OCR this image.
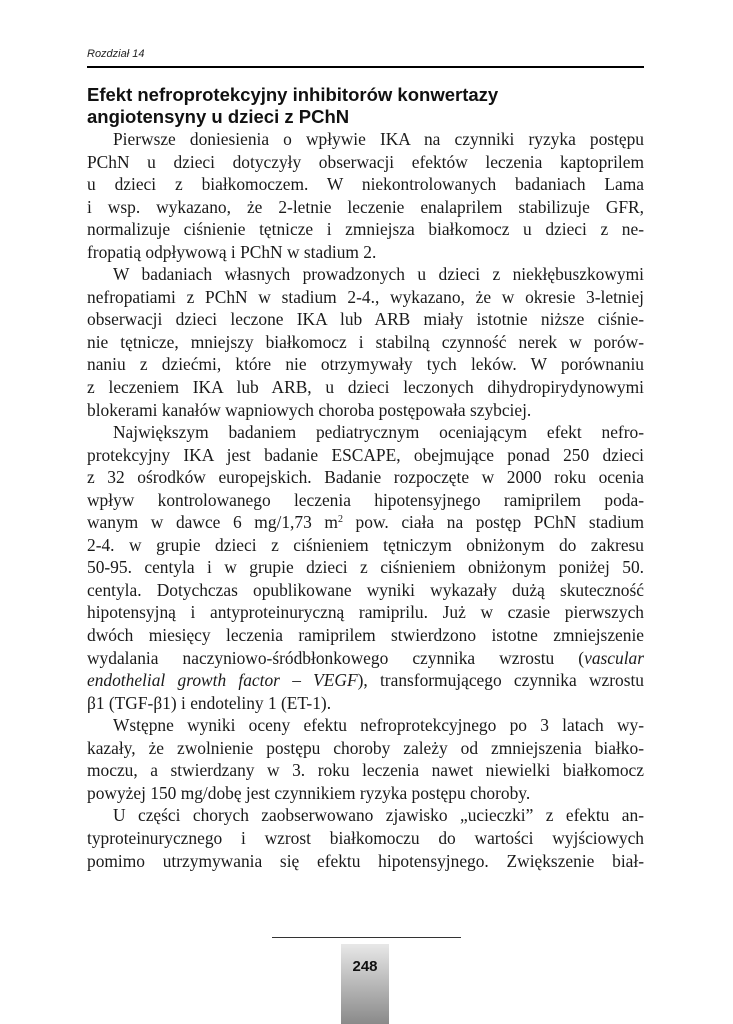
Rozdział 14
Efekt nefroprotekcyjny inhibitorów konwertazy
angiotensyny u dzieci z PChN

Pierwsze doniesienia o wpływie IKA na czynniki ryzyka postępu

PChN u dzieci dotyczyły obserwacji efektów leczenia kaptoprilem

u dzieci z białkomoczem. W niekontrolowanych badaniach Lama

i wsp. wykazano, że 2-letnie leczenie enalaprilem stabilizuje GFR,

normalizuje ciśnienie tętnicze i zmniejsza białkomocz u dzieci z ne-

fropatią odpływową i PChN w stadium 2.

W badaniach własnych prowadzonych u dzieci z niekłębuszkowymi

nefropatiami z PChN w stadium 2-4., wykazano, że w okresie 3-letniej

obserwacji dzieci leczone IKA lub ARB miały istotnie niższe ciśnie-

nie tętnicze, mniejszy białkomocz i stabilną czynność nerek w porów-

naniu z dziećmi, które nie otrzymywały tych leków. W porównaniu

z leczeniem IKA lub ARB, u dzieci leczonych dihydropirydynowymi

blokerami kanałów wapniowych choroba postępowała szybciej.

Największym badaniem pediatrycznym oceniającym efekt nefro-

protekcyjny IKA jest badanie ESCAPE, obejmujące ponad 250 dzieci

z 32 ośrodków europejskich. Badanie rozpoczęte w 2000 roku ocenia

wpływ kontrolowanego leczenia hipotensyjnego ramiprilem poda-

wanym w dawce 6 mg/1,73 $m^2$ pow. ciała na postęp PChN stadium

2-4. w grupie dzieci z ciśnieniem tętniczym obniżonym do zakresu

50-95. centyla i w grupie dzieci z ciśnieniem obniżonym poniżej 50.

centyla. Dotychczas opublikowane wyniki wykazały dużą skuteczność

hipotensyjną i antyproteinuryczną ramiprilu. Już w czasie pierwszych

dwóch miesięcy leczenia ramiprilem stwierdzono istotne zmniejszenie

wydalania naczyniowo-śródbłonkowego czynnika wzrostu (vascular

endothelial growth factor – VEGF), transformującego czynnika wzrostu

β1 (TGF-β1) i endoteliny 1 (ET-1).

Wstępne wyniki oceny efektu nefroprotekcyjnego po 3 latach wy-

kazały, że zwolnienie postępu choroby zależy od zmniejszenia białko-

moczu, a stwierdzany w 3. roku leczenia nawet niewielki białkomocz

powyżej 150 mg/dobę jest czynnikiem ryzyka postępu choroby.

U części chorych zaobserwowano zjawisko „ucieczki” z efektu an-

typroteinurycznego i wzrost białkomoczu do wartości wyjściowych

pomimo utrzymywania się efektu hipotensyjnego. Zwiększenie biał-

248
